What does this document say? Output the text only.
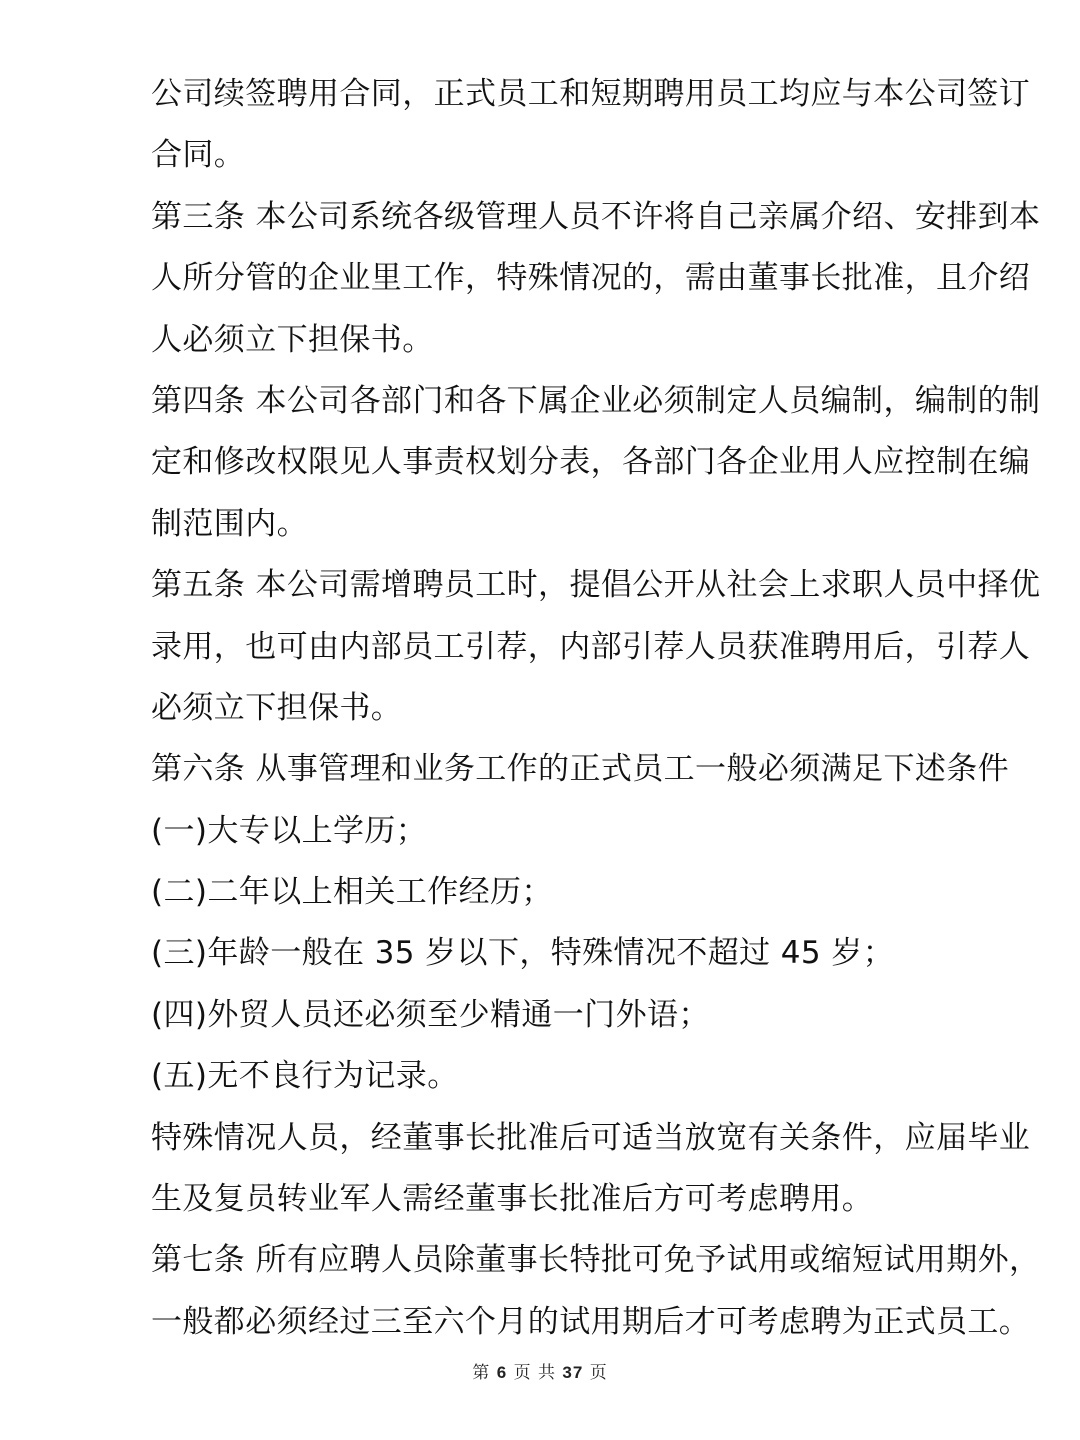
公司续签聘用合同，正式员工和短期聘用员工均应与本公司签订
合同。
第三条 本公司系统各级管理人员不许将自己亲属介绍、安排到本
人所分管的企业里工作，特殊情况的，需由董事长批准，且介绍
人必须立下担保书。
第四条 本公司各部门和各下属企业必须制定人员编制，编制的制
定和修改权限见人事责权划分表，各部门各企业用人应控制在编
制范围内。
第五条 本公司需增聘员工时，提倡公开从社会上求职人员中择优
录用，也可由内部员工引荐，内部引荐人员获准聘用后，引荐人
必须立下担保书。
第六条 从事管理和业务工作的正式员工一般必须满足下述条件
(一)大专以上学历；
(二)二年以上相关工作经历；
(三)年龄一般在 35 岁以下，特殊情况不超过 45 岁；
(四)外贸人员还必须至少精通一门外语；
(五)无不良行为记录。
特殊情况人员，经董事长批准后可适当放宽有关条件，应届毕业
生及复员转业军人需经董事长批准后方可考虑聘用。
第七条 所有应聘人员除董事长特批可免予试用或缩短试用期外，
一般都必须经过三至六个月的试用期后才可考虑聘为正式员工。
第 6 页 共 37 页
